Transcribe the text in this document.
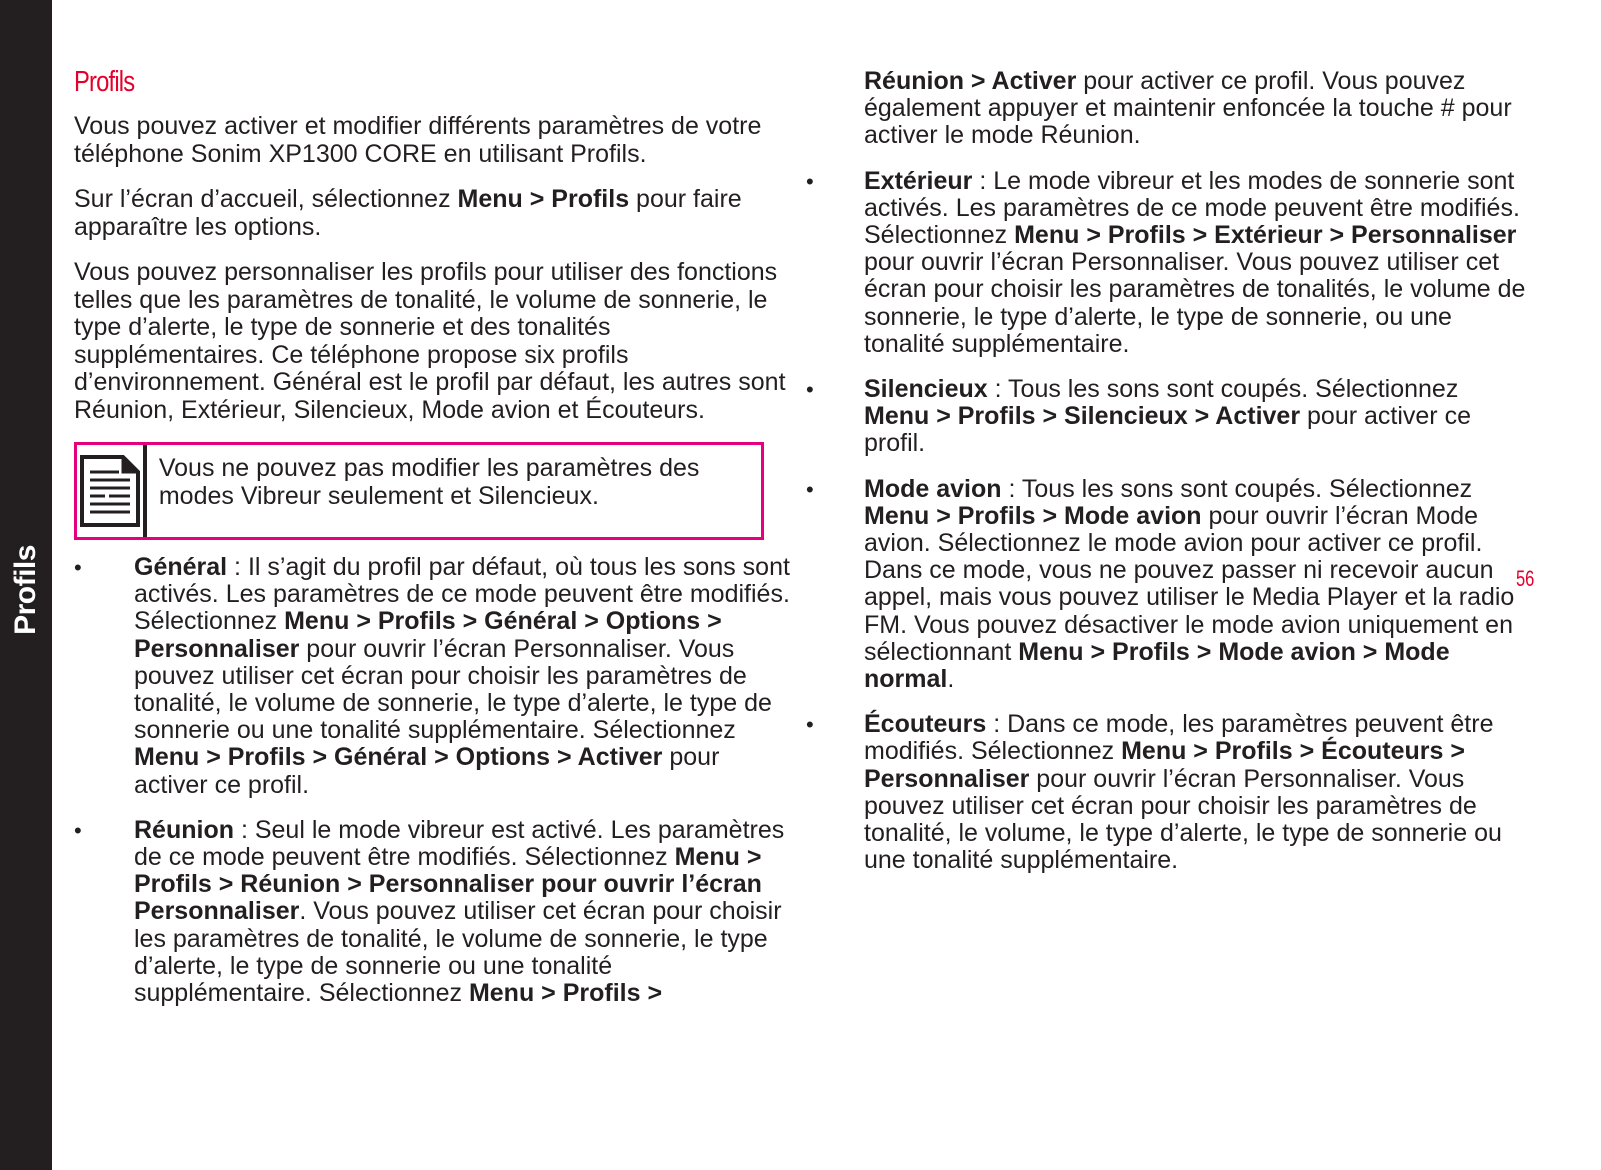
Profils
Profils

Vous pouvez activer et modifier différents paramètres de votre téléphone Sonim XP1300 CORE en utilisant Profils.

Sur l’écran d’accueil, sélectionnez Menu > Profils pour faire apparaître les options.

Vous pouvez personnaliser les profils pour utiliser des fonctions telles que les paramètres de tonalité, le volume de sonnerie, le type d’alerte, le type de sonnerie et des tonalités supplémentaires. Ce téléphone propose six profils d’environnement. Général est le profil par défaut, les autres sont Réunion, Extérieur, Silencieux, Mode avion et Écouteurs.

Vous ne pouvez pas modifier les paramètres des modes Vibreur seulement et Silencieux.
• Général : Il s’agit du profil par défaut, où tous les sons sont activés. Les paramètres de ce mode peuvent être modifiés. Sélectionnez Menu > Profils > Général > Options > Personnaliser pour ouvrir l’écran Personnaliser. Vous pouvez utiliser cet écran pour choisir les paramètres de tonalité, le volume de sonnerie, le type d’alerte, le type de sonnerie ou une tonalité supplémentaire. Sélectionnez Menu > Profils > Général > Options > Activer pour activer ce profil.
• Réunion : Seul le mode vibreur est activé. Les paramètres de ce mode peuvent être modifiés. Sélectionnez Menu > Profils > Réunion > Personnaliser pour ouvrir l’écran Personnaliser. Vous pouvez utiliser cet écran pour choisir les paramètres de tonalité, le volume de sonnerie, le type d’alerte, le type de sonnerie ou une tonalité supplémentaire. Sélectionnez Menu > Profils >
Réunion > Activer pour activer ce profil. Vous pouvez également appuyer et maintenir enfoncée la touche # pour activer le mode Réunion.
• Extérieur : Le mode vibreur et les modes de sonnerie sont activés. Les paramètres de ce mode peuvent être modifiés. Sélectionnez Menu > Profils > Extérieur > Personnaliser pour ouvrir l’écran Personnaliser. Vous pouvez utiliser cet écran pour choisir les paramètres de tonalités, le volume de sonnerie, le type d’alerte, le type de sonnerie, ou une tonalité supplémentaire.
• Silencieux : Tous les sons sont coupés. Sélectionnez Menu > Profils > Silencieux > Activer pour activer ce profil.
• Mode avion : Tous les sons sont coupés. Sélectionnez Menu > Profils > Mode avion pour ouvrir l’écran Mode avion. Sélectionnez le mode avion pour activer ce profil. Dans ce mode, vous ne pouvez passer ni recevoir aucun appel, mais vous pouvez utiliser le Media Player et la radio FM. Vous pouvez désactiver le mode avion uniquement en sélectionnant Menu > Profils > Mode avion > Mode normal.
• Écouteurs : Dans ce mode, les paramètres peuvent être modifiés. Sélectionnez Menu > Profils > Écouteurs > Personnaliser pour ouvrir l’écran Personnaliser. Vous pouvez utiliser cet écran pour choisir les paramètres de tonalité, le volume, le type d’alerte, le type de sonnerie ou une tonalité supplémentaire.
56
